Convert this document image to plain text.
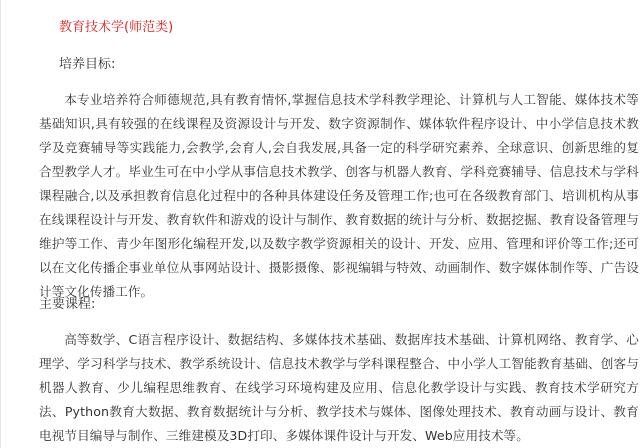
教育技术学(师范类)
培养目标:
本专业培养符合师德规范,具有教育情怀,掌握信息技术学科教学理论、计算机与人工智能、媒体技术等基础知识,具有较强的在线课程及资源设计与开发、数字资源制作、媒体软件程序设计、中小学信息技术教学及竞赛辅导等实践能力,会教学,会育人,会自我发展,具备一定的科学研究素养、全球意识、创新思维的复合型教学人才。毕业生可在中小学从事信息技术教学、创客与机器人教育、学科竞赛辅导、信息技术与学科课程融合,以及承担教育信息化过程中的各种具体建设任务及管理工作;也可在各级教育部门、培训机构从事在线课程设计与开发、教育软件和游戏的设计与制作、教育数据的统计与分析、数据挖掘、教育设备管理与维护等工作、青少年图形化编程开发,以及数字教学资源相关的设计、开发、应用、管理和评价等工作;还可以在文化传播企事业单位从事网站设计、摄影摄像、影视编辑与特效、动画制作、数字媒体制作等、广告设计等文化传播工作。
主要课程:
高等数学、C语言程序设计、数据结构、多媒体技术基础、数据库技术基础、计算机网络、教育学、心理学、学习科学与技术、教学系统设计、信息技术教学与学科课程整合、中小学人工智能教育基础、创客与机器人教育、少儿编程思维教育、在线学习环境构建及应用、信息化教学设计与实践、教育技术学研究方法、Python教育大数据、教育数据统计与分析、教学技术与媒体、图像处理技术、教育动画与设计、教育电视节目编导与制作、三维建模及3D打印、多媒体课件设计与开发、Web应用技术等。
